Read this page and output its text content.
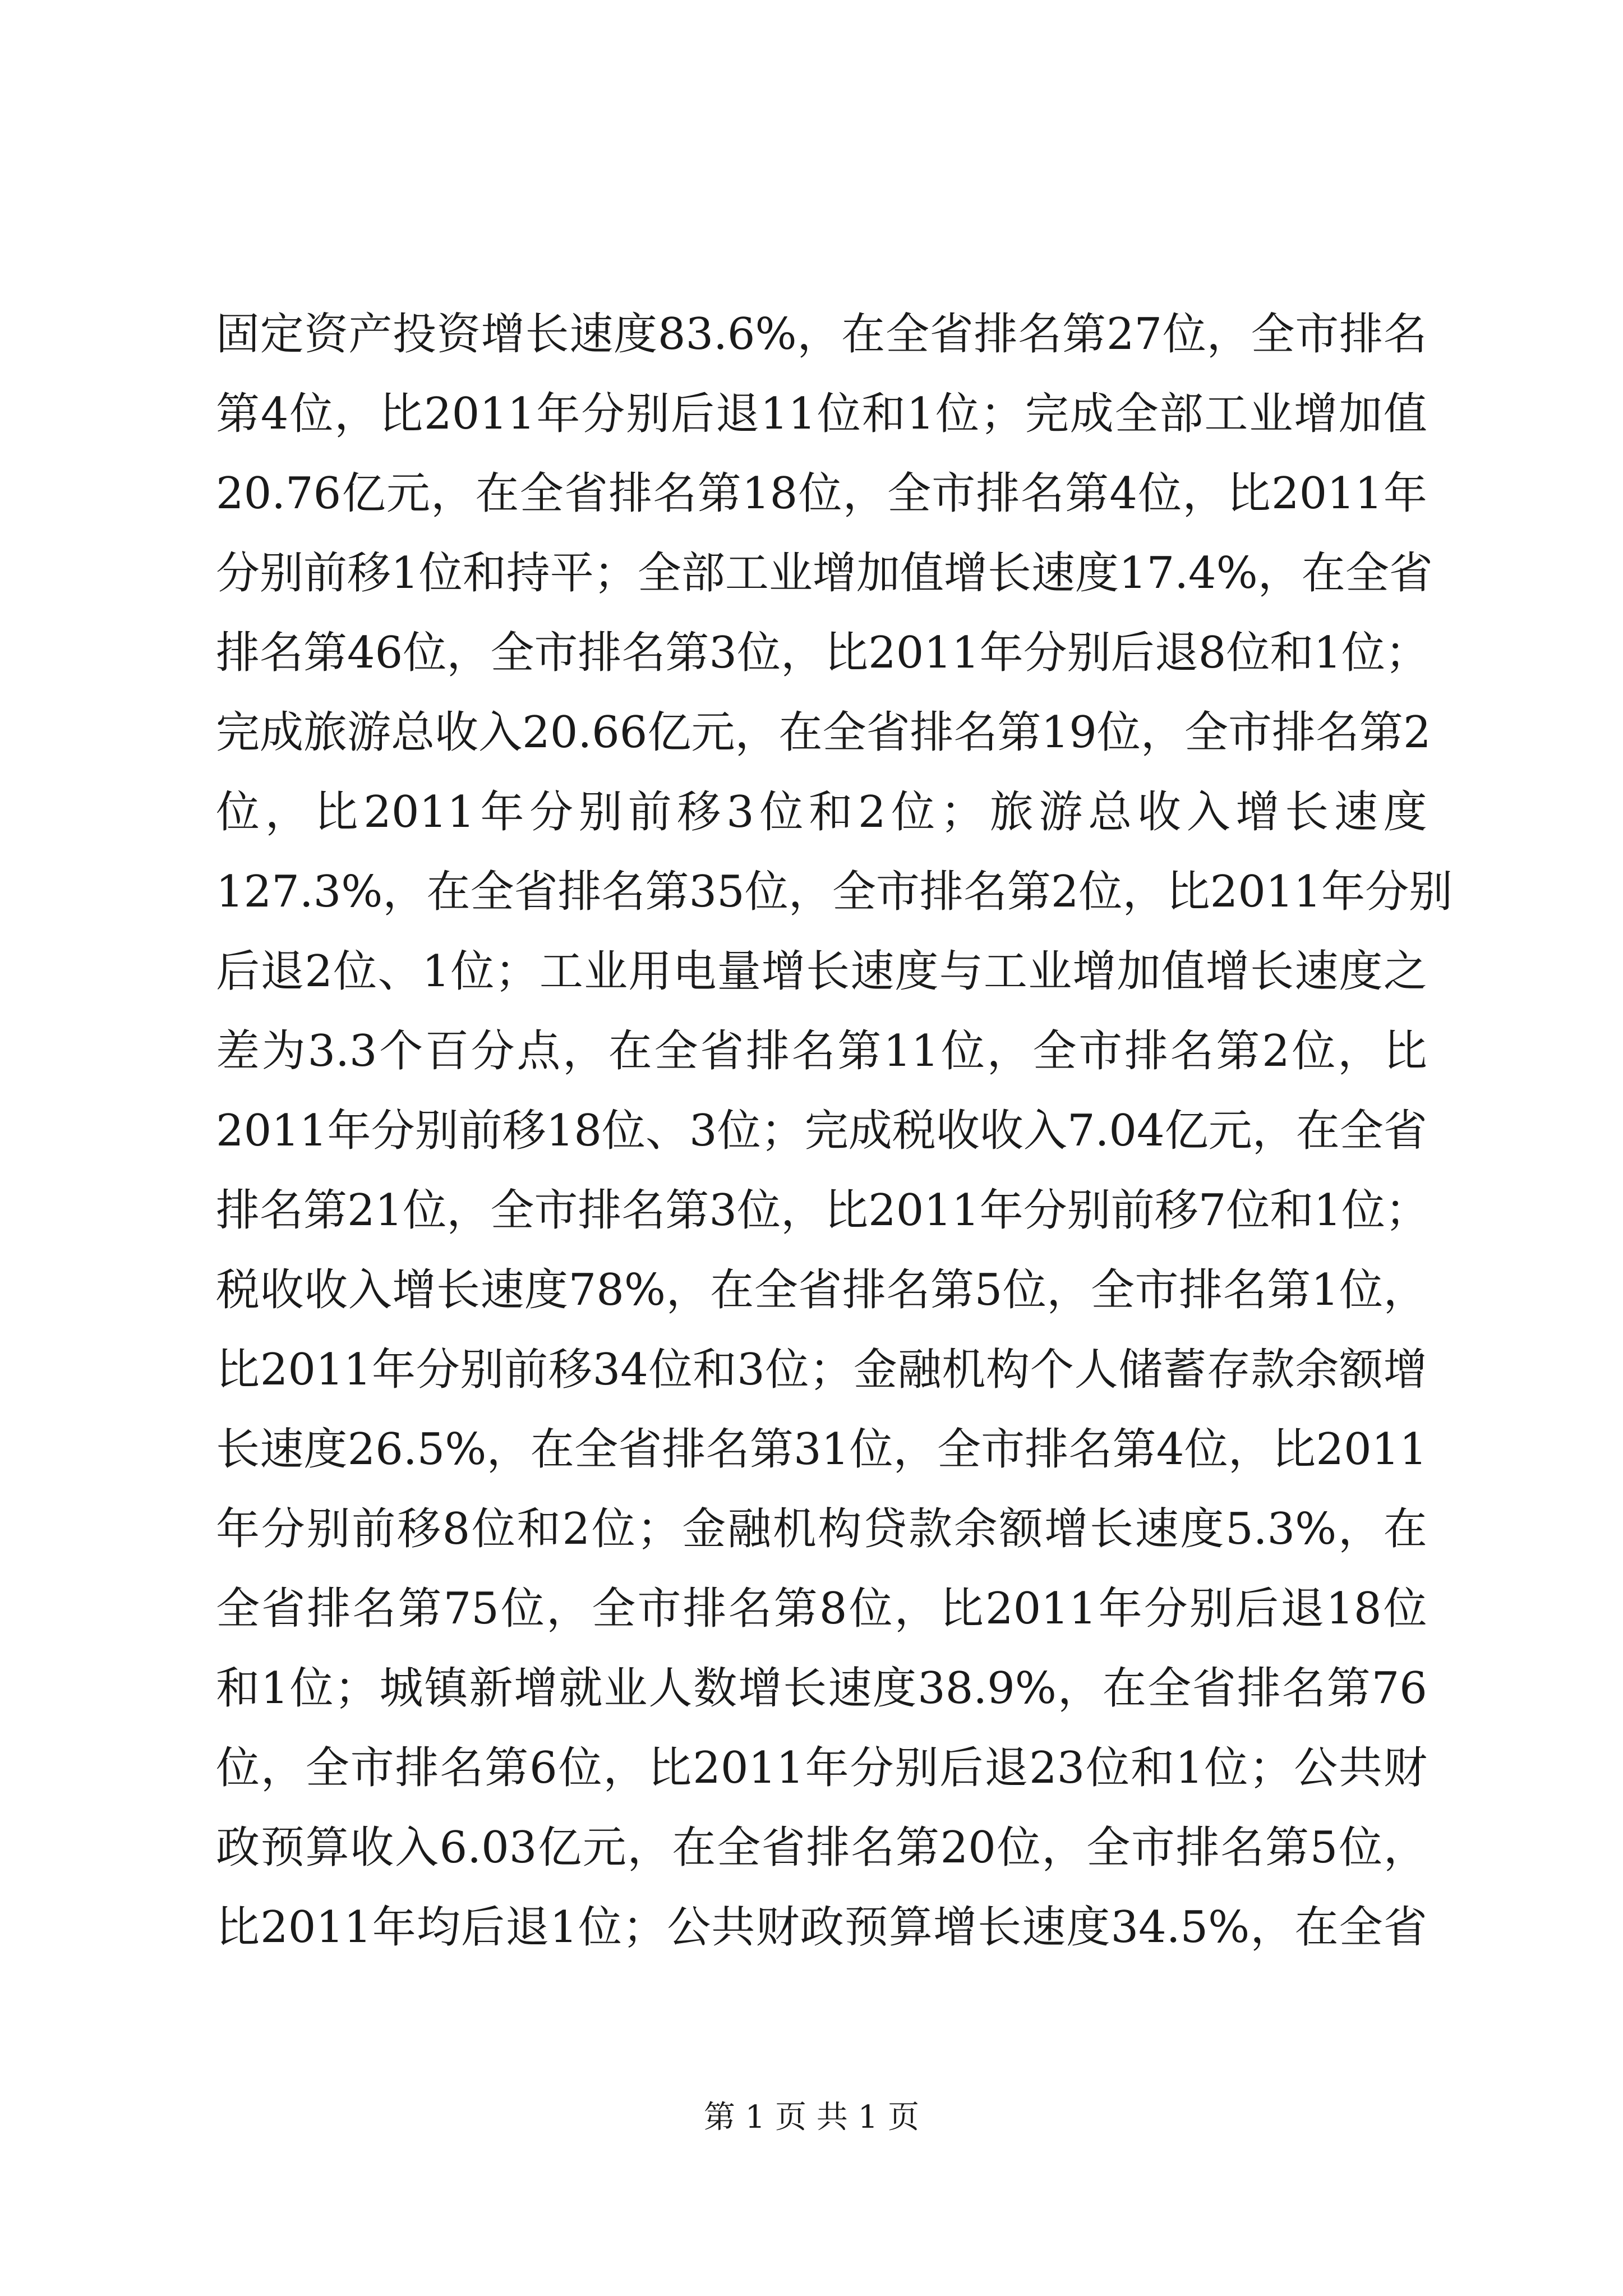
固 定 资 产 投 资 增 长 速 度 83.6% ， 在 全 省 排 名 第 27 位 ， 全 市 排 名
第 4 位 ， 比 2011 年 分 别 后 退 11 位 和 1 位 ； 完 成 全 部 工 业 增 加 值
20.76 亿 元 ， 在 全 省 排 名 第 18 位 ， 全 市 排 名 第 4 位 ， 比 2011 年
分 别 前 移 1 位 和 持 平 ； 全 部 工 业 增 加 值 增 长 速 度 17.4% ， 在 全 省
排 名 第 46 位 ， 全 市 排 名 第 3 位 ， 比 2011 年 分 别 后 退 8 位 和 1 位 ；
完 成 旅 游 总 收 入 20.66 亿 元 ， 在 全 省 排 名 第 19 位 ， 全 市 排 名 第 2
位 ， 比 2011 年 分 别 前 移 3 位 和 2 位 ； 旅 游 总 收 入 增 长 速 度
127.3% ， 在 全 省 排 名 第 35 位 ， 全 市 排 名 第 2 位 ， 比 2011 年 分 别
后 退 2 位 、 1 位 ； 工 业 用 电 量 增 长 速 度 与 工 业 增 加 值 增 长 速 度 之
差 为 3.3 个 百 分 点 ， 在 全 省 排 名 第 11 位 ， 全 市 排 名 第 2 位 ， 比
2011 年 分 别 前 移 18 位 、 3 位 ； 完 成 税 收 收 入 7.04 亿 元 ， 在 全 省
排 名 第 21 位 ， 全 市 排 名 第 3 位 ， 比 2011 年 分 别 前 移 7 位 和 1 位 ；
税 收 收 入 增 长 速 度 78% ， 在 全 省 排 名 第 5 位 ， 全 市 排 名 第 1 位 ，
比 2011 年 分 别 前 移 34 位 和 3 位 ； 金 融 机 构 个 人 储 蓄 存 款 余 额 增
长 速 度 26.5% ， 在 全 省 排 名 第 31 位 ， 全 市 排 名 第 4 位 ， 比 2011
年 分 别 前 移 8 位 和 2 位 ； 金 融 机 构 贷 款 余 额 增 长 速 度 5.3% ， 在
全 省 排 名 第 75 位 ， 全 市 排 名 第 8 位 ， 比 2011 年 分 别 后 退 18 位
和 1 位 ； 城 镇 新 增 就 业 人 数 增 长 速 度 38.9% ， 在 全 省 排 名 第 76
位 ， 全 市 排 名 第 6 位 ， 比 2011 年 分 别 后 退 23 位 和 1 位 ； 公 共 财
政 预 算 收 入 6.03 亿 元 ， 在 全 省 排 名 第 20 位 ， 全 市 排 名 第 5 位 ，
比 2011 年 均 后 退 1 位 ； 公 共 财 政 预 算 增 长 速 度 34.5% ， 在 全 省
第 1 页 共 1 页
